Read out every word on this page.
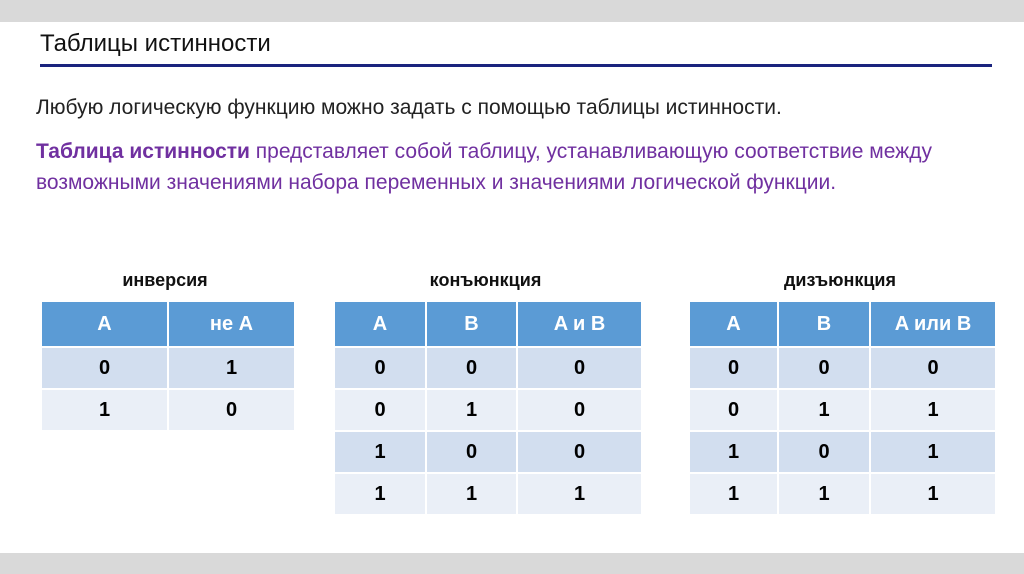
Таблицы истинности
Любую логическую функцию можно задать с помощью таблицы истинности.
Таблица истинности представляет собой таблицу, устанавливающую соответствие между возможными значениями набора переменных и значениями логической функции.
инверсия	конъюнкция	дизъюнкция
A	не A
0	1
1	0
A	B	A и B
0	0	0
0	1	0
1	0	0
1	1	1
A	B	A или B
0	0	0
0	1	1
1	0	1
1	1	1
